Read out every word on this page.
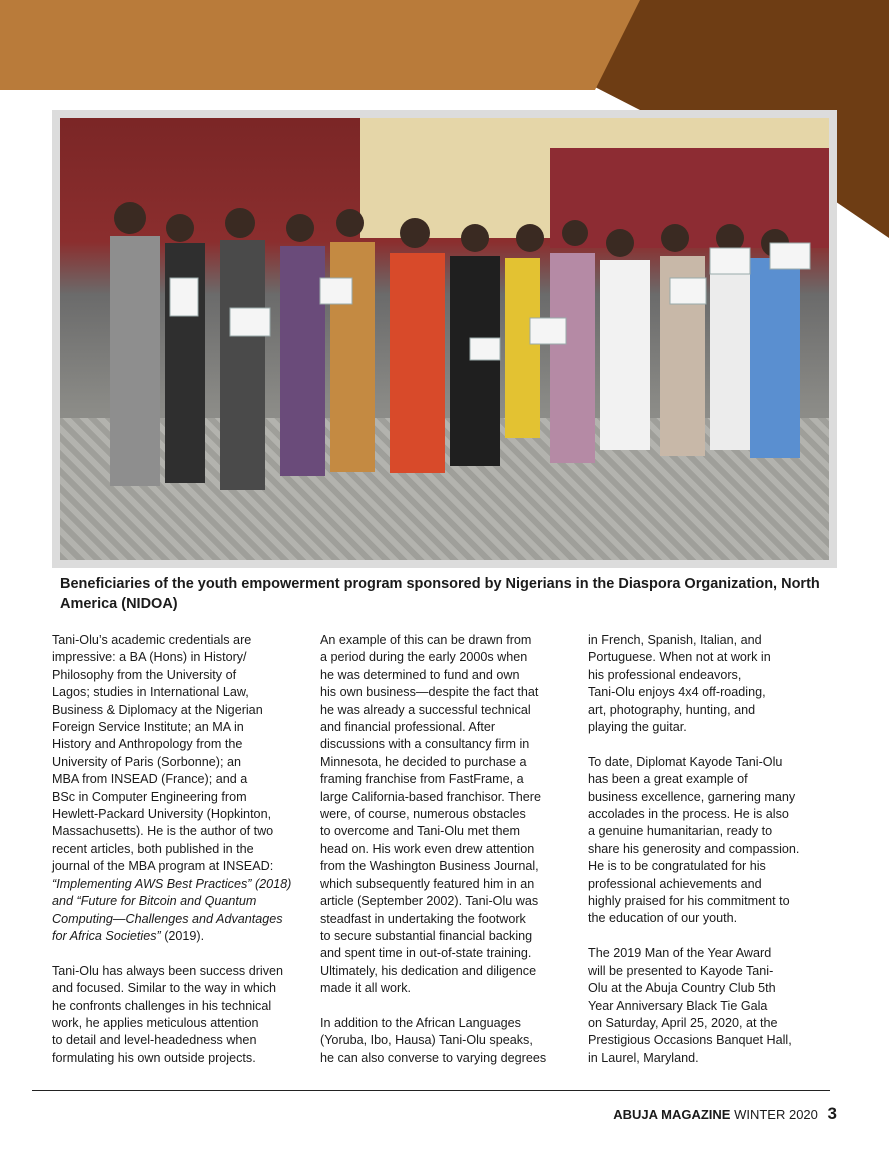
Beneficiaries of the youth empowerment program sponsored by Nigerians in the Diaspora Organization, North America (NIDOA)

Tani-Olu’s academic credentials are
impressive: a BA (Hons) in History/
Philosophy from the University of
Lagos; studies in International Law,
Business & Diplomacy at the Nigerian
Foreign Service Institute; an MA in
History and Anthropology from the
University of Paris (Sorbonne); an
MBA from INSEAD (France); and a
BSc in Computer Engineering from
Hewlett-Packard University (Hopkinton,
Massachusetts). He is the author of two
recent articles, both published in the
journal of the MBA program at INSEAD:
“Implementing AWS Best Practices” (2018)
and “Future for Bitcoin and Quantum
Computing—Challenges and Advantages
for Africa Societies” (2019).

Tani-Olu has always been success driven
and focused. Similar to the way in which
he confronts challenges in his technical
work, he applies meticulous attention
to detail and level-headedness when
formulating his own outside projects.

An example of this can be drawn from
a period during the early 2000s when
he was determined to fund and own
his own business—despite the fact that
he was already a successful technical
and financial professional. After
discussions with a consultancy firm in
Minnesota, he decided to purchase a
framing franchise from FastFrame, a
large California-based franchisor. There
were, of course, numerous obstacles
to overcome and Tani-Olu met them
head on. His work even drew attention
from the Washington Business Journal,
which subsequently featured him in an
article (September 2002). Tani-Olu was
steadfast in undertaking the footwork
to secure substantial financial backing
and spent time in out-of-state training.
Ultimately, his dedication and diligence
made it all work.

In addition to the African Languages
(Yoruba, Ibo, Hausa) Tani-Olu speaks,
he can also converse to varying degrees

in French, Spanish, Italian, and
Portuguese. When not at work in
his professional endeavors,
Tani-Olu enjoys 4x4 off-roading,
art, photography, hunting, and
playing the guitar.

To date, Diplomat Kayode Tani-Olu
has been a great example of
business excellence, garnering many
accolades in the process. He is also
a genuine humanitarian, ready to
share his generosity and compassion.
He is to be congratulated for his
professional achievements and
highly praised for his commitment to
the education of our youth.

The 2019 Man of the Year Award
will be presented to Kayode Tani-
Olu at the Abuja Country Club 5th
Year Anniversary Black Tie Gala
on Saturday, April 25, 2020, at the
Prestigious Occasions Banquet Hall,
in Laurel, Maryland.

ABUJA MAGAZINE WINTER 2020 3
